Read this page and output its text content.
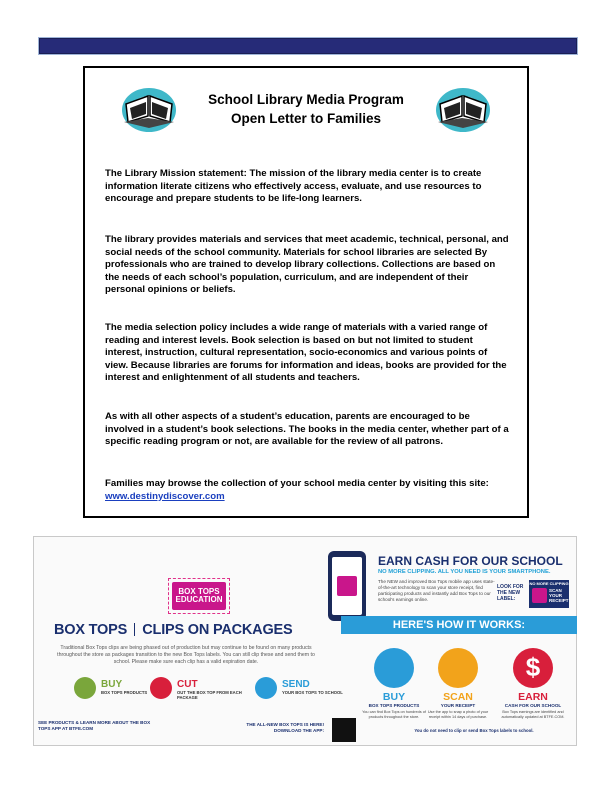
School Library Media Program
Open Letter to Families

The Library Mission statement: The mission of the library media center is to create information literate citizens who effectively access, evaluate, and use resources to encourage and prepare students to be life-long learners.

The library provides materials and services that meet academic, technical, personal, and social needs of the school community. Materials for school libraries are selected By professionals who are trained to develop library collections. Collections are based on the needs of each school’s population, curriculum, and are independent of their personal opinions or beliefs.

The media selection policy includes a wide range of materials with a varied range of reading and interest levels. Book selection is based on but not limited to student interest, instruction, cultural representation, socio-economics and various points of view. Because libraries are forums for information and ideas, books are provided for the interest and enlightenment of all students and teachers.

As with all other aspects of a student’s education, parents are encouraged to be involved in a student’s book selections. The books in the media center, whether part of a specific reading program or not, are available for the review of all patrons.

Families may browse the collection of your school media center by visiting this site:
www.destinydiscover.com

BOX TOPS EDUCATION
BOX TOPS CLIPS ON PACKAGES

Traditional Box Tops clips are being phased out of production but may continue to be found on many products throughout the store as packages transition to the new Box Tops labels. You can still clip these and send them to school. Please make sure each clip has a valid expiration date.

BUY
BOX TOPS PRODUCTS
CUT
OUT THE BOX TOP FROM EACH PACKAGE
SEND
YOUR BOX TOPS TO SCHOOL
SEE PRODUCTS & LEARN MORE ABOUT THE BOX TOPS APP AT BTFE.COM
THE ALL-NEW BOX TOPS IS HERE! DOWNLOAD THE APP:
EARN CASH FOR OUR SCHOOL
NO MORE CLIPPING. ALL YOU NEED IS YOUR SMARTPHONE.
The NEW and improved Box Tops mobile app uses state-of-the-art technology to scan your store receipt, find participating products and instantly add Box Tops to our school's earnings online.
LOOK FOR THE NEW LABEL:
NO MORE CLIPPING
SCAN YOUR RECEIPT
HERE'S HOW IT WORKS:
BUY
BOX TOPS PRODUCTS
You can find Box Tops on hundreds of products throughout the store.
SCAN
YOUR RECEIPT
Use the app to snap a photo of your receipt within 14 days of purchase.
$
EARN
CASH FOR OUR SCHOOL
Box Tops earnings are identified and automatically updated at BTFE.COM.
You do not need to clip or send Box Tops labels to school.
